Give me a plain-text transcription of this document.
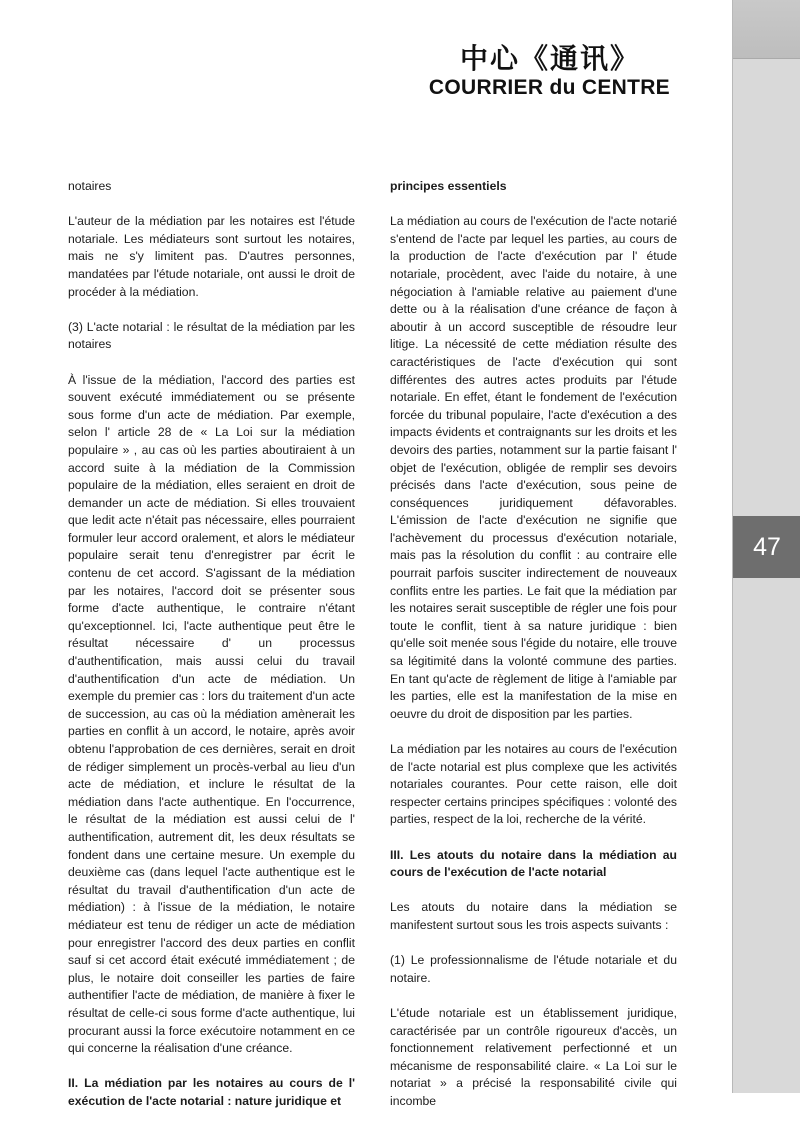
47
中心《通讯》
COURRIER du CENTRE

notaires

L'auteur de la médiation par les notaires est l'étude notariale. Les médiateurs sont surtout les notaires, mais ne s'y limitent pas. D'autres personnes, mandatées par l'étude notariale, ont aussi le droit de procéder à la médiation.

(3) L'acte notarial : le résultat de la médiation par les notaires

À l'issue de la médiation, l'accord des parties est souvent exécuté immédiatement ou se présente sous forme d'un acte de médiation. Par exemple, selon l' article 28 de « La Loi sur la médiation populaire » , au cas où les parties aboutiraient à un accord suite à la médiation de la Commission populaire de la médiation, elles seraient en droit de demander un acte de médiation. Si elles trouvaient que ledit acte n'était pas nécessaire, elles pourraient formuler leur accord oralement, et alors le médiateur populaire serait tenu d'enregistrer par écrit le contenu de cet accord. S'agissant de la médiation par les notaires, l'accord doit se présenter sous forme d'acte authentique, le contraire n'étant qu'exceptionnel. Ici, l'acte authentique peut être le résultat nécessaire d' un processus d'authentification, mais aussi celui du travail d'authentification d'un acte de médiation. Un exemple du premier cas : lors du traitement d'un acte de succession, au cas où la médiation amènerait les parties en conflit à un accord, le notaire, après avoir obtenu l'approbation de ces dernières, serait en droit de rédiger simplement un procès-verbal au lieu d'un acte de médiation, et inclure le résultat de la médiation dans l'acte authentique. En l'occurrence, le résultat de la médiation est aussi celui de l' authentification, autrement dit, les deux résultats se fondent dans une certaine mesure. Un exemple du deuxième cas (dans lequel l'acte authentique est le résultat du travail d'authentification d'un acte de médiation) : à l'issue de la médiation, le notaire médiateur est tenu de rédiger un acte de médiation pour enregistrer l'accord des deux parties en conflit sauf si cet accord était exécuté immédiatement ; de plus, le notaire doit conseiller les parties de faire authentifier l'acte de médiation, de manière à fixer le résultat de celle-ci sous forme d'acte authentique, lui procurant aussi la force exécutoire notamment en ce qui concerne la réalisation d'une créance.

II. La médiation par les notaires au cours de l' exécution de l'acte notarial : nature juridique et

principes essentiels

La médiation au cours de l'exécution de l'acte notarié s'entend de l'acte par lequel les parties, au cours de la production de l'acte d'exécution par l' étude notariale, procèdent, avec l'aide du notaire, à une négociation à l'amiable relative au paiement d'une dette ou à la réalisation d'une créance de façon à aboutir à un accord susceptible de résoudre leur litige. La nécessité de cette médiation résulte des caractéristiques de l'acte d'exécution qui sont différentes des autres actes produits par l'étude notariale. En effet, étant le fondement de l'exécution forcée du tribunal populaire, l'acte d'exécution a des impacts évidents et contraignants sur les droits et les devoirs des parties, notamment sur la partie faisant l' objet de l'exécution, obligée de remplir ses devoirs précisés dans l'acte d'exécution, sous peine de conséquences juridiquement défavorables. L'émission de l'acte d'exécution ne signifie que l'achèvement du processus d'exécution notariale, mais pas la résolution du conflit : au contraire elle pourrait parfois susciter indirectement de nouveaux conflits entre les parties. Le fait que la médiation par les notaires serait susceptible de régler une fois pour toute le conflit, tient à sa nature juridique : bien qu'elle soit menée sous l'égide du notaire, elle trouve sa légitimité dans la volonté commune des parties. En tant qu'acte de règlement de litige à l'amiable par les parties, elle est la manifestation de la mise en oeuvre du droit de disposition par les parties.

La médiation par les notaires au cours de l'exécution de l'acte notarial est plus complexe que les activités notariales courantes. Pour cette raison, elle doit respecter certains principes spécifiques : volonté des parties, respect de la loi, recherche de la vérité.

III. Les atouts du notaire dans la médiation au cours de l'exécution de l'acte notarial

Les atouts du notaire dans la médiation se manifestent surtout sous les trois aspects suivants :

(1) Le professionnalisme de l'étude notariale et du notaire.

L'étude notariale est un établissement juridique, caractérisée par un contrôle rigoureux d'accès, un fonctionnement relativement perfectionné et un mécanisme de responsabilité claire. « La Loi sur le notariat » a précisé la responsabilité civile qui incombe
